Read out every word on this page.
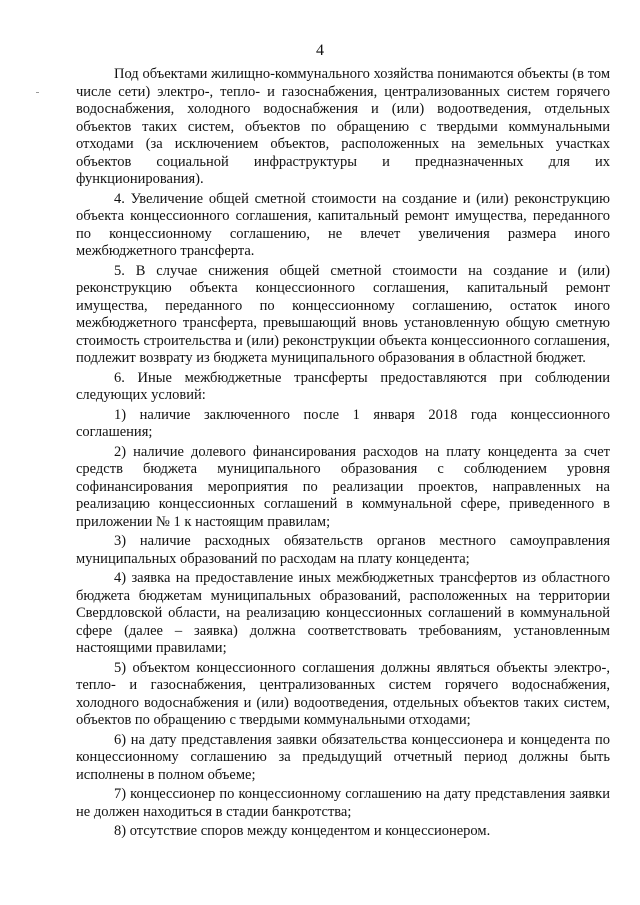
4

Под объектами жилищно-коммунального хозяйства понимаются объекты (в том числе сети) электро-, тепло- и газоснабжения, централизованных систем горячего водоснабжения, холодного водоснабжения и (или) водоотведения, отдельных объектов таких систем, объектов по обращению с твердыми коммунальными отходами (за исключением объектов, расположенных на земельных участках объектов социальной инфраструктуры и предназначенных для их функционирования).

4. Увеличение общей сметной стоимости на создание и (или) реконструкцию объекта концессионного соглашения, капитальный ремонт имущества, переданного по концессионному соглашению, не влечет увеличения размера иного межбюджетного трансферта.

5. В случае снижения общей сметной стоимости на создание и (или) реконструкцию объекта концессионного соглашения, капитальный ремонт имущества, переданного по концессионному соглашению, остаток иного межбюджетного трансферта, превышающий вновь установленную общую сметную стоимость строительства и (или) реконструкции объекта концессионного соглашения, подлежит возврату из бюджета муниципального образования в областной бюджет.

6. Иные межбюджетные трансферты предоставляются при соблюдении следующих условий:

1) наличие заключенного после 1 января 2018 года концессионного соглашения;

2) наличие долевого финансирования расходов на плату концедента за счет средств бюджета муниципального образования с соблюдением уровня софинансирования мероприятия по реализации проектов, направленных на реализацию концессионных соглашений в коммунальной сфере, приведенного в приложении № 1 к настоящим правилам;

3) наличие расходных обязательств органов местного самоуправления муниципальных образований по расходам на плату концедента;

4) заявка на предоставление иных межбюджетных трансфертов из областного бюджета бюджетам муниципальных образований, расположенных на территории Свердловской области, на реализацию концессионных соглашений в коммунальной сфере (далее – заявка) должна соответствовать требованиям, установленным настоящими правилами;

5) объектом концессионного соглашения должны являться объекты электро-, тепло- и газоснабжения, централизованных систем горячего водоснабжения, холодного водоснабжения и (или) водоотведения, отдельных объектов таких систем, объектов по обращению с твердыми коммунальными отходами;

6) на дату представления заявки обязательства концессионера и концедента по концессионному соглашению за предыдущий отчетный период должны быть исполнены в полном объеме;

7) концессионер по концессионному соглашению на дату представления заявки не должен находиться в стадии банкротства;

8) отсутствие споров между концедентом и концессионером.
